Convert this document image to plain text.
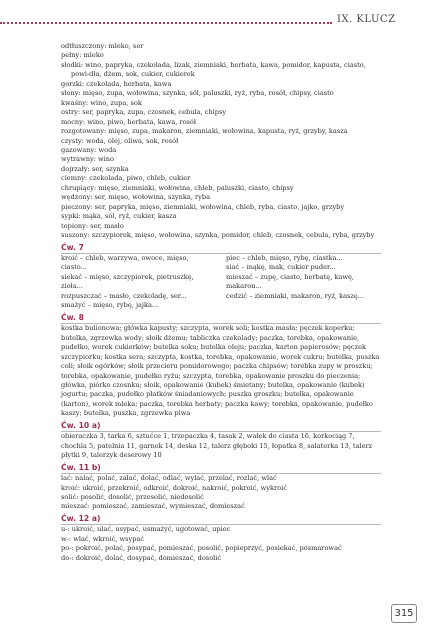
IX. KLUCZ

odtłuszczony: mleko, ser

pełny: mleko

słodki: wino, papryka, czekolada, lizak, ziemniaki, herbata, kawa, pomidor, kapusta, ciasto, powi-dła, dżem, sok, cukier, cukierek

gorzki: czekolada, herbata, kawa

słony: mięso, zupa, wołowina, szynka, sól, paluszki, ryż, ryba, rosół, chipsy, ciasto

kwaśny: wino, zupa, sok

ostry: ser, papryka, zupa, czosnek, cebula, chipsy

mocny: wino, piwo, herbata, kawa, rosół

rozgotowany: mięso, zupa, makaron, ziemniaki, wołowina, kapusta, ryż, grzyby, kasza

czysty: woda, olej, oliwa, sok, rosół

gazowany: woda

wytrawny: wino

dojrzały: ser, szynka

ciemny: czekolada, piwo, chleb, cukier

chrupiący: mięso, ziemniaki, wołowina, chleb, paluszki, ciasto, chipsy

wędzony: ser, mięso, wołowina, szynka, ryba

pieczony: ser, papryka, mięso, ziemniaki, wołowina, chleb, ryba, ciasto, jajko, grzyby

sypki: mąka, sól, ryż, cukier, kasza

topiony: ser, masło

suszony: szczypiorek, mięso, wołowina, szynka, pomidor, chleb, czosnek, cebula, ryba, grzyby

Ćw. 7

kroić – chleb, warzywa, owoce, mięso, ciasto...

siekać – mięso, szczypiorek, pietruszkę, zioła...

rozpuszczać – masło, czekoladę, ser...

smażyć – mięso, rybę, jajka...

piec – chleb, mięso, rybę, ciastka...

siać – mąkę, mak, cukier puder...

mieszać – zupę, ciasto, herbatę, kawę, makaron...

cedzić – ziemniaki, makaron, ryż, kaszę...

Ćw. 8

kostka bulionowa; główka kapusty; szczypta, worek soli; kostka masła; pęczek koperku; butelka, zgrzewka wody; słoik dżemu; tabliczka czekolady; paczka, torebka, opakowanie, pudełko, worek cukierków; butelka soku; butelka oleju; paczka, karton papierosów; pęczek szczypiorku; kostka sera; szczypta, kostka, torebka, opakowanie, worek cukru; butelka, puszka coli; słoik ogórków; słoik przecieru pomidorowego; paczka chipsów; torebka zupy w proszku; torebka, opakowanie, pudełko ryżu; szczypta, torebka, opakowanie proszku do pieczenia; główka, piórko czosnku; słoik, opakowanie (kubek) śmietany; butelka, opakowanie (kubek) jogurtu; paczka, pudełko płatków śniadaniowych; puszka groszku; butelka, opakowanie (karton), worek mleka; paczka, torebka herbaty; paczka kawy; torebka, opakowanie, pudełko kaszy; butelka, puszka, zgrzewka piwa

Ćw. 10 a)

obieraczka 3, tarka 6, sztućce 1, trzepaczka 4, tasak 2, wałek do ciasta 16, korkociąg 7, chochla 5, patelnia 11, garnek 14, deska 12, talerz głęboki 15, łopatka 8, salaterka 13, talerz płytki 9, talerzyk deserowy 10

Ćw. 11 b)

lać: nalać, polać, zalać, dolać, odlać, wylać, przelać, rozlać, wlać

kroić: ukroić, przekroić, odkroić, dokroić, nakroić, pokroić, wykroić

solić: posolić, dosolić, przesolić, niedosolić

mieszać: pomieszać, zamieszać, wymieszać, domieszać

Ćw. 12 a)

u-: ukroić, ulać, usypać, usmażyć, ugotować, upiec

w-: wlać, wkroić, wsypać

po-: pokroić, polać, posypać, pomieszać, posolić, popieprzyć, posiekać, posmarować

do-: dokroić, dolać, dosypać, domieszać, dosolić

315
